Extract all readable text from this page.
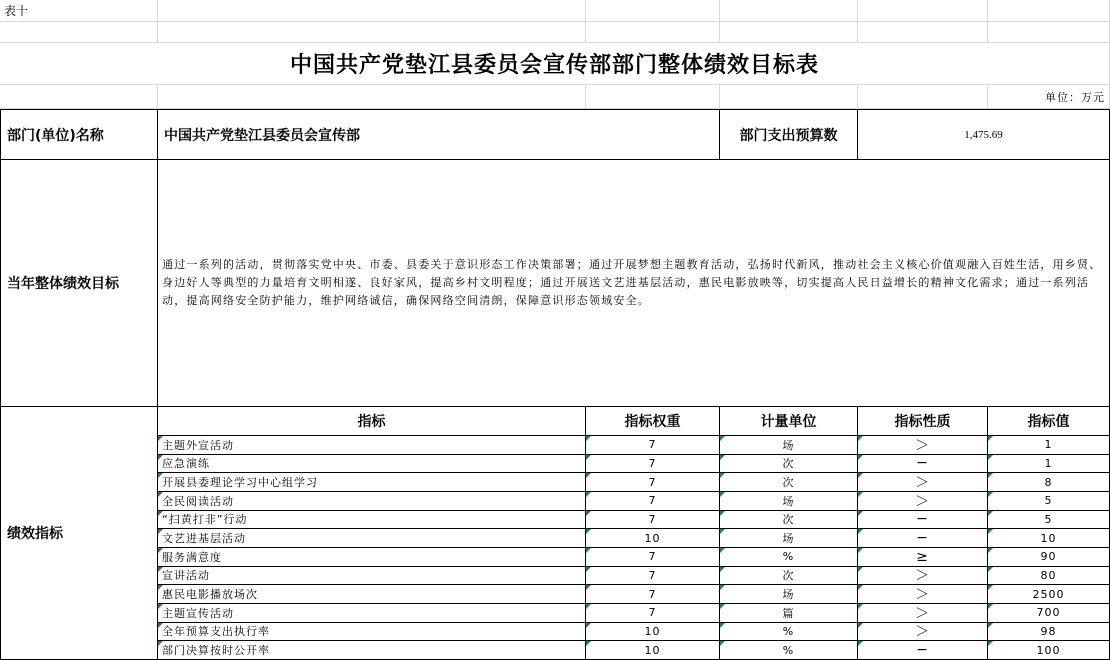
表十
中国共产党垫江县委员会宣传部部门整体绩效目标表
单位：万元
部门(单位)名称	中国共产党垫江县委员会宣传部	部门支出预算数	1,475.69
当年整体绩效目标
通过一系列的活动，贯彻落实党中央、市委、县委关于意识形态工作决策部署；通过开展梦想主题教育活动，弘扬时代新风，推动社会主义核心价值观融入百姓生活，用乡贤、身边好人等典型的力量培育文明相遂、良好家风，提高乡村文明程度；通过开展送文艺进基层活动，惠民电影放映等，切实提高人民日益增长的精神文化需求；通过一系列活动，提高网络安全防护能力，维护网络诚信，确保网络空间清朗，保障意识形态领域安全。
绩效指标
指标	指标权重	计量单位	指标性质	指标值
主题外宣活动	7	场	＞	1
应急演练	7	次	−	1
开展县委理论学习中心组学习	7	次	＞	8
全民阅读活动	7	场	＞	5
“扫黄打非”行动	7	次	−	5
文艺进基层活动	10	场	−	10
服务满意度	7	%	≥	90
宣讲活动	7	次	＞	80
惠民电影播放场次	7	场	＞	2500
主题宣传活动	7	篇	＞	700
全年预算支出执行率	10	%	＞	98
部门决算按时公开率	10	%	−	100
